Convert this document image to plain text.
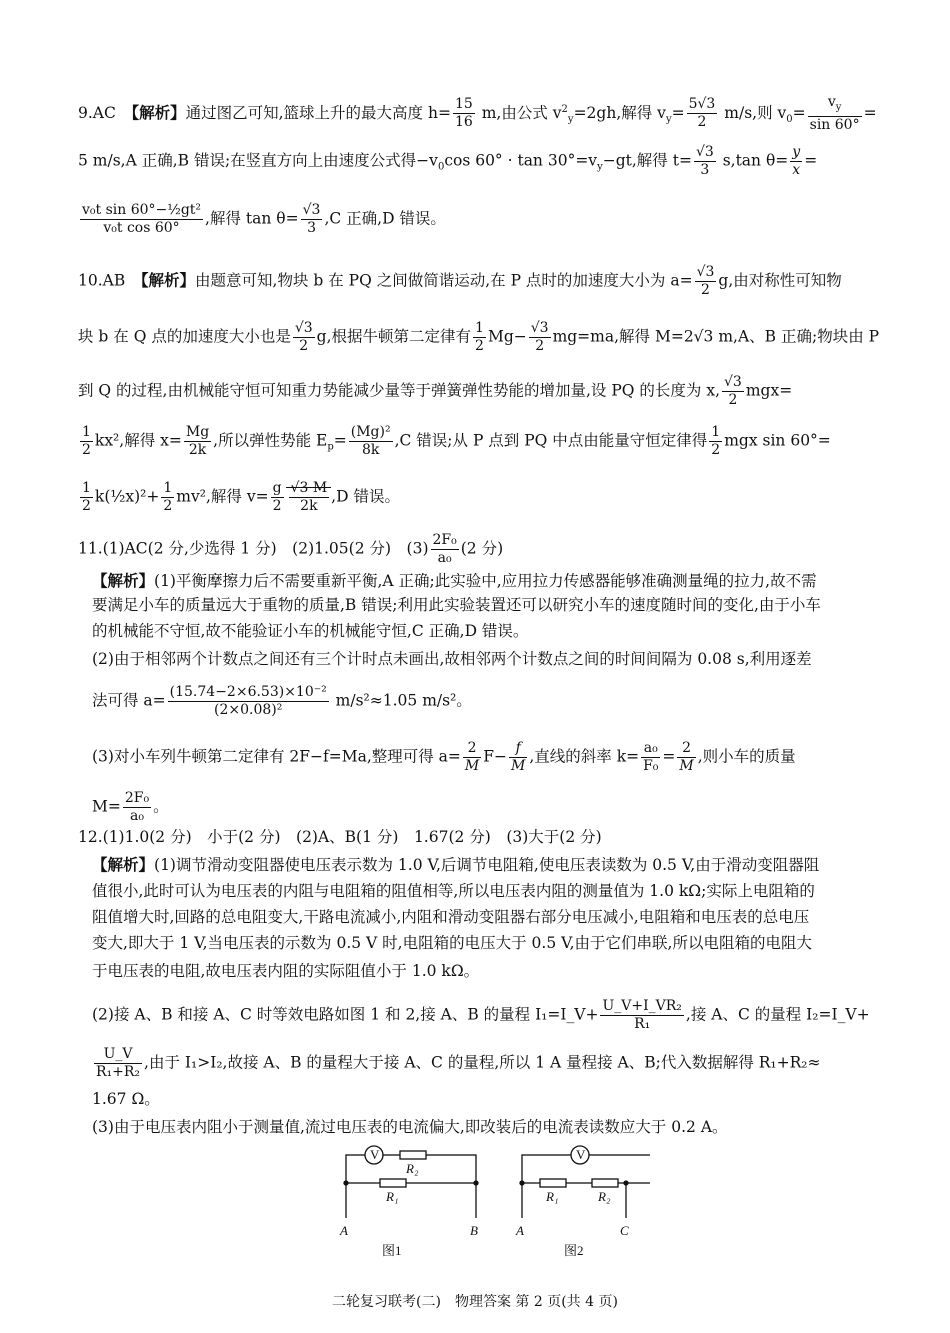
9.AC　 【解析】通过图乙可知,篮球上升的最大高度 $h= \frac{15}{16} m$,由公式 $v^2_y=2gh$,解得 $v_y= \frac{5√3}{2} m/s$,则 $v_0= \frac{v_y}{\sin 60^\circ}$ =
5 m/s,A 正确,B 错误;在竖直方向上由速度公式得$-v_0\cos$ $60^\circ \cdot \tan 30^\circ=v_y-gt$,解得 $t= \frac{√3}{3} s,\tan$ $\theta= \frac{y}{x}$ =
$\frac{\text{v₀t sin 60°−½gt²}}{\text{v₀t cos 60°}}$ ,解得 $\tan \theta= \frac{√3}{3} ,C$ 正确,D 错误。
10.AB　 【解析】由题意可知,物块 b 在 PQ 之间做简谐运动,在 P 点时的加速度大小为 $a= \frac{√3}{2} g$,由对称性可知物
块 b 在 Q 点的加速度大小也是 $\frac{√3}{2} g$,根据牛顿第二定律有 $\frac{1}{2} Mg- \frac{√3}{2} mg=ma$,解得 M=2√3 m,A、B 正确;物块由 P
到 Q 的过程,由机械能守恒可知重力势能减少量等于弹簧弹性势能的增加量,设 PQ 的长度为 x, $\frac{√3}{2} mgx=$
$\frac{1}{2} kx^2$,解得 $x= \frac{Mg}{2k}$ ,所以弹性势能 $E_p= \frac{\text{(Mg)²}}{8k} ,C$ 错误;从 P 点到 PQ 中点由能量守恒定律得 $\frac{1}{2}$ mgx sin 60°=
$\frac{1}{2}$ k(½x)²+ $\frac{1}{2} mv^2$,解得 $v= \frac{g}{2} \frac{√3 M}{2k} ,D$ 错误。
11.(1)AC(2 分,少选得 1 分)　(2)1.05(2 分)　$(3) \frac{\text{2F₀}}{\text{a₀}} (2$ 分)
【解析】(1)平衡摩擦力后不需要重新平衡,A 正确;此实验中,应用拉力传感器能够准确测量绳的拉力,故不需
要满足小车的质量远大于重物的质量,B 错误;利用此实验装置还可以研究小车的速度随时间的变化,由于小车
的机械能不守恒,故不能验证小车的机械能守恒,C 正确,D 错误。
(2)由于相邻两个计数点之间还有三个计时点未画出,故相邻两个计数点之间的时间间隔为 0.08 s,利用逐差
法可得 $a= \frac{\text{(15.74−2×6.53)×10⁻²}}{\text{(2×0.08)²}} m/s^2\approx 1.05$ m/s²。
(3)对小车列牛顿第二定律有 2F−f=Ma,整理可得 $a= \frac{2}{M} F- \frac{f}{M}$ ,直线的斜率 $k= \frac{\text{a₀}}{\text{F₀}} = \frac{2}{M}$ ,则小车的质量
$M= \frac{\text{2F₀}}{\text{a₀}}$ 。
12.(1)1.0(2 分)　小于(2 分)　(2)A、B(1 分)　1.67(2 分)　(3)大于(2 分)
【解析】(1)调节滑动变阻器使电压表示数为 1.0 V,后调节电阻箱,使电压表读数为 0.5 V,由于滑动变阻器阻
值很小,此时可认为电压表的内阻与电阻箱的阻值相等,所以电压表内阻的测量值为 1.0 kΩ;实际上电阻箱的
阻值增大时,回路的总电阻变大,干路电流减小,内阻和滑动变阻器右部分电压减小,电阻箱和电压表的总电压
变大,即大于 1 V,当电压表的示数为 0.5 V 时,电阻箱的电压大于 0.5 V,由于它们串联,所以电阻箱的电阻大
于电压表的电阻,故电压表内阻的实际阻值小于 1.0 kΩ。
(2)接 A、B 和接 A、C 时等效电路如图 1 和 2,接 A、B 的量程 I₁=I_V+ $\frac{\text{U\_V+I\_VR₂}}{\text{R₁}}$ ,接 A、C 的量程 I₂=I_V+
$\frac{U\_V}{\text{R₁+R₂}}$ ,由于 I₁>I₂,故接 A、B 的量程大于接 A、C 的量程,所以 1 A 量程接 A、B;代入数据解得 R₁+R₂≈
1.67 Ω。
(3)由于电压表内阻小于测量值,流过电压表的电流偏大,即改装后的电流表读数应大于 0.2 A。
V
R₂
R₁
A	B
图1
V
R₁	R₂
A	C
图2
二轮复习联考(二)　物理答案 第 2 页(共 4 页)
